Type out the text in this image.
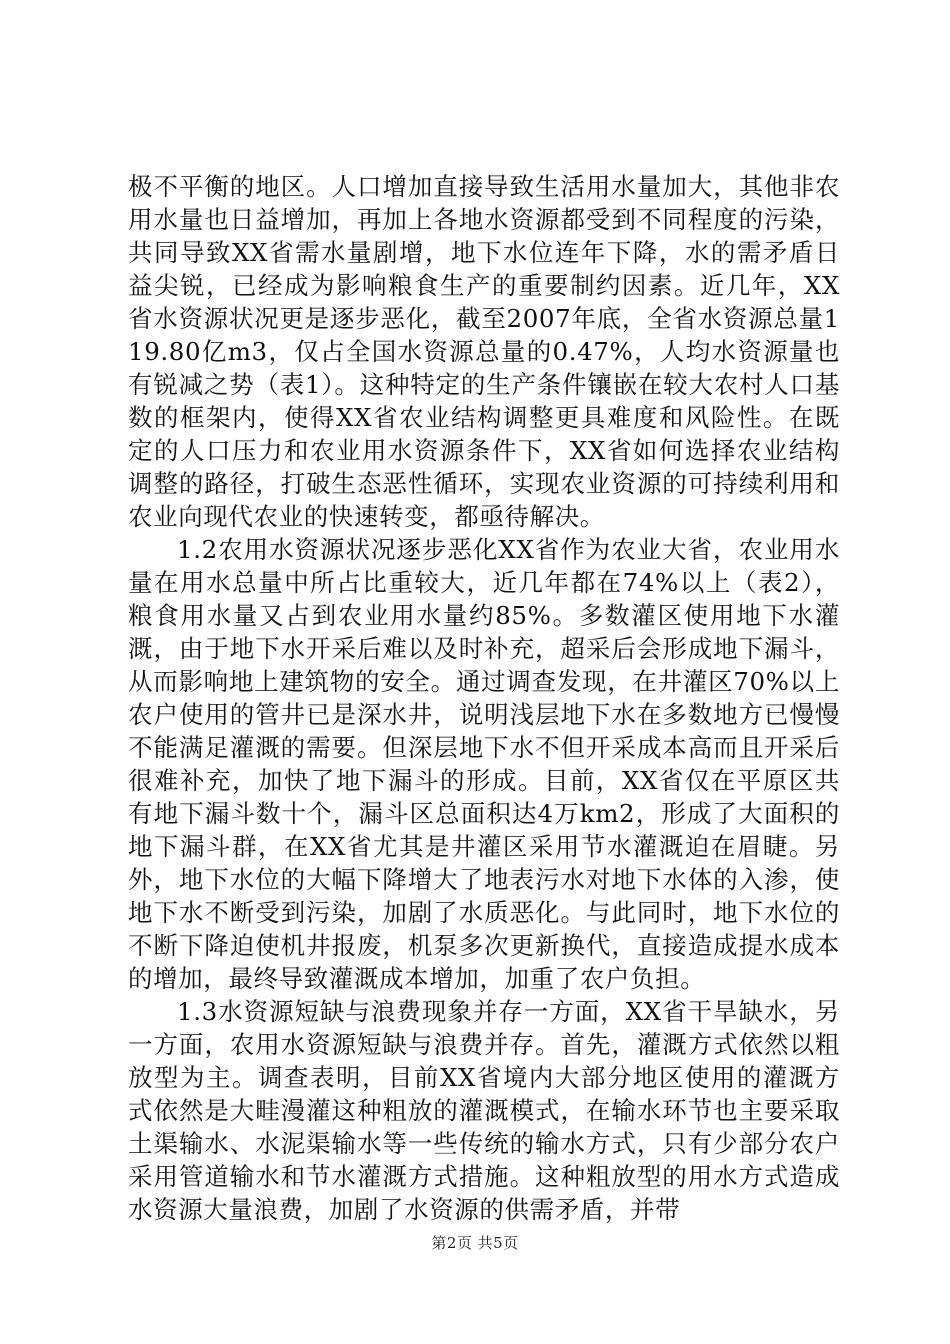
极不平衡的地区。人口增加直接导致生活用水量加大，其他非农用水量也日益增加，再加上各地水资源都受到不同程度的污染，共同导致XX省需水量剧增，地下水位连年下降，水的需矛盾日益尖锐，已经成为影响粮食生产的重要制约因素。近几年，XX省水资源状况更是逐步恶化，截至2007年底，全省水资源总量119.80亿m3，仅占全国水资源总量的0.47%，人均水资源量也有锐减之势（表1）。这种特定的生产条件镶嵌在较大农村人口基数的框架内，使得XX省农业结构调整更具难度和风险性。在既定的人口压力和农业用水资源条件下，XX省如何选择农业结构调整的路径，打破生态恶性循环，实现农业资源的可持续利用和农业向现代农业的快速转变，都亟待解决。

1.2农用水资源状况逐步恶化XX省作为农业大省，农业用水量在用水总量中所占比重较大，近几年都在74%以上（表2），粮食用水量又占到农业用水量约85%。多数灌区使用地下水灌溉，由于地下水开采后难以及时补充，超采后会形成地下漏斗，从而影响地上建筑物的安全。通过调查发现，在井灌区70%以上农户使用的管井已是深水井，说明浅层地下水在多数地方已慢慢不能满足灌溉的需要。但深层地下水不但开采成本高而且开采后很难补充，加快了地下漏斗的形成。目前，XX省仅在平原区共有地下漏斗数十个，漏斗区总面积达4万km2，形成了大面积的地下漏斗群，在XX省尤其是井灌区采用节水灌溉迫在眉睫。另外，地下水位的大幅下降增大了地表污水对地下水体的入渗，使地下水不断受到污染，加剧了水质恶化。与此同时，地下水位的不断下降迫使机井报废，机泵多次更新换代，直接造成提水成本的增加，最终导致灌溉成本增加，加重了农户负担。

1.3水资源短缺与浪费现象并存一方面，XX省干旱缺水，另一方面，农用水资源短缺与浪费并存。首先，灌溉方式依然以粗放型为主。调查表明，目前XX省境内大部分地区使用的灌溉方式依然是大畦漫灌这种粗放的灌溉模式，在输水环节也主要采取土渠输水、水泥渠输水等一些传统的输水方式，只有少部分农户采用管道输水和节水灌溉方式措施。这种粗放型的用水方式造成水资源大量浪费，加剧了水资源的供需矛盾，并带

第2页 共5页
